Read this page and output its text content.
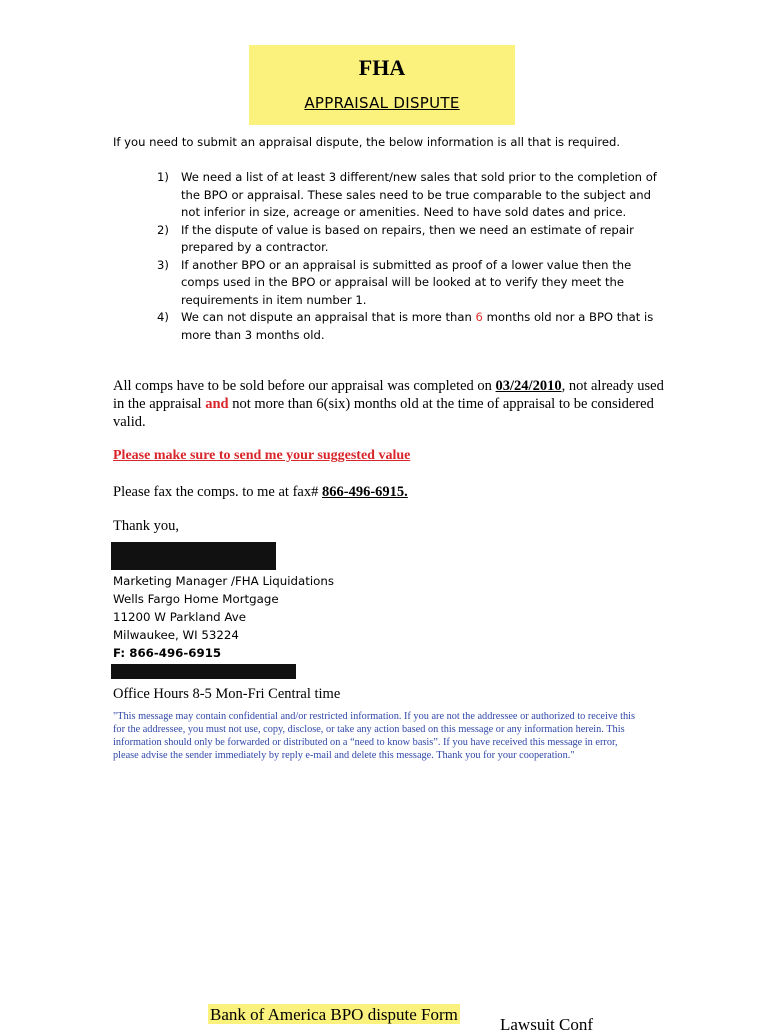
FHA
APPRAISAL DISPUTE
If you need to submit an appraisal dispute, the below information is all that is required.
1) We need a list of at least 3 different/new sales that sold prior to the completion of the BPO or appraisal. These sales need to be true comparable to the subject and not inferior in size, acreage or amenities. Need to have sold dates and price.
2) If the dispute of value is based on repairs, then we need an estimate of repair prepared by a contractor.
3) If another BPO or an appraisal is submitted as proof of a lower value then the comps used in the BPO or appraisal will be looked at to verify they meet the requirements in item number 1.
4) We can not dispute an appraisal that is more than 6 months old nor a BPO that is more than 3 months old.
All comps have to be sold before our appraisal was completed on 03/24/2010, not already used in the appraisal and not more than 6(six) months old at the time of appraisal to be considered valid.
Please make sure to send me your suggested value
Please fax the comps. to me at fax# 866-496-6915.
Thank you,
Marketing Manager /FHA Liquidations
Wells Fargo Home Mortgage
11200 W Parkland Ave
Milwaukee, WI 53224
F: 866-496-6915
Office Hours 8-5 Mon-Fri Central time
"This message may contain confidential and/or restricted information. If you are not the addressee or authorized to receive this for the addressee, you must not use, copy, disclose, or take any action based on this message or any information herein. This information should only be forwarded or distributed on a “need to know basis”. If you have received this message in error, please advise the sender immediately by reply e-mail and delete this message. Thank you for your cooperation."
Bank of America BPO dispute Form
Lawsuit Conf
